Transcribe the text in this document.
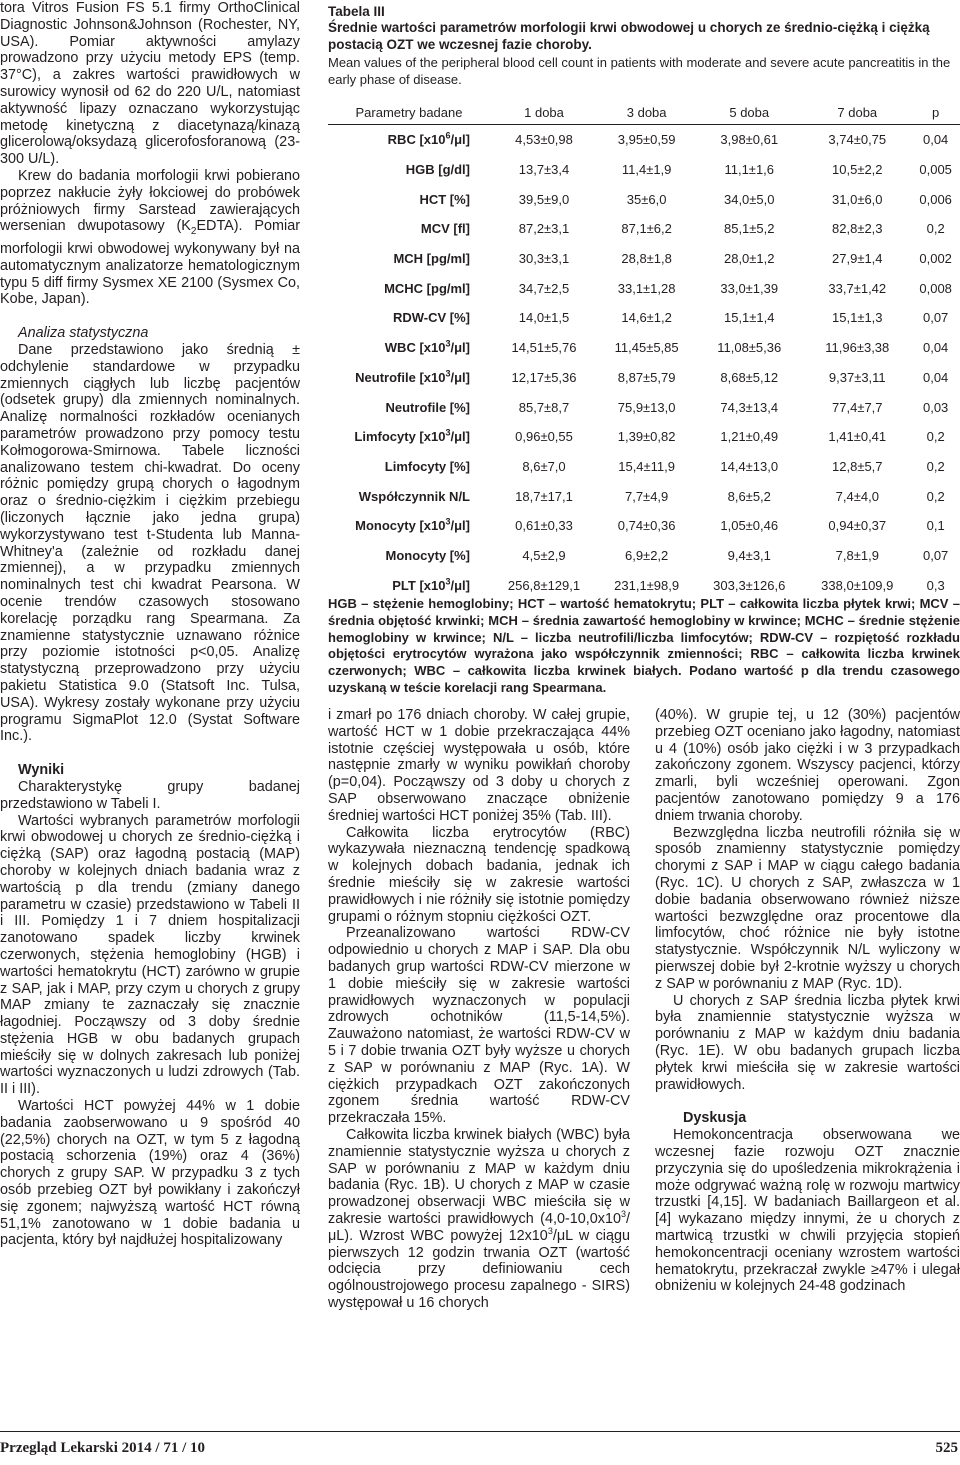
tora Vitros Fusion FS 5.1 firmy OrthoClinical Diagnostic Johnson&Johnson (Rochester, NY, USA). Pomiar aktywności amylazy prowadzono przy użyciu metody EPS (temp. 37°C), a zakres wartości prawidłowych w surowicy wynosił od 62 do 220 U/L, natomiast aktywność lipazy oznaczano wykorzystując metodę kinetyczną z diacetynazą/kinazą glicerolową/oksydazą glicerofosforanową (23-300 U/L).

Krew do badania morfologii krwi pobierano poprzez nakłucie żyły łokciowej do probówek próżniowych firmy Sarstead zawierających wersenian dwupotasowy $(K_2EDTA)$. Pomiar morfologii krwi obwodowej wykonywany był na automatycznym analizatorze hematologicznym typu 5 diff firmy Sysmex XE 2100 (Sysmex Co, Kobe, Japan).

Analiza statystyczna

Dane przedstawiono jako średnią ± odchylenie standardowe w przypadku zmiennych ciągłych lub liczbę pacjentów (odsetek grupy) dla zmiennych nominalnych. Analizę normalności rozkładów ocenianych parametrów prowadzono przy pomocy testu Kołmogorowa-Smirnowa. Tabele liczności analizowano testem chi-kwadrat. Do oceny różnic pomiędzy grupą chorych o łagodnym oraz o średnio-ciężkim i ciężkim przebiegu (liczonych łącznie jako jedna grupa) wykorzystywano test t-Studenta lub Manna-Whitney'a (zależnie od rozkładu danej zmiennej), a w przypadku zmiennych nominalnych test chi kwadrat Pearsona. W ocenie trendów czasowych stosowano korelację porządku rang Spearmana. Za znamienne statystycznie uznawano różnice przy poziomie istotności p<0,05. Analizę statystyczną przeprowadzono przy użyciu pakietu Statistica 9.0 (Statsoft Inc. Tulsa, USA). Wykresy zostały wykonane przy użyciu programu SigmaPlot 12.0 (Systat Software Inc.).

Wyniki

Charakterystykę grupy badanej przedstawiono w Tabeli I.

Wartości wybranych parametrów morfologii krwi obwodowej u chorych ze średnio-ciężką i ciężką (SAP) oraz łagodną postacią (MAP) choroby w kolejnych dniach badania wraz z wartością p dla trendu (zmiany danego parametru w czasie) przedstawiono w Tabeli II i III. Pomiędzy 1 i 7 dniem hospitalizacji zanotowano spadek liczby krwinek czerwonych, stężenia hemoglobiny (HGB) i wartości hematokrytu (HCT) zarówno w grupie z SAP, jak i MAP, przy czym u chorych z grupy MAP zmiany te zaznaczały się znacznie łagodniej. Począwszy od 3 doby średnie stężenia HGB w obu badanych grupach mieściły się w dolnych zakresach lub poniżej wartości wyznaczonych u ludzi zdrowych (Tab. II i III).

Wartości HCT powyżej 44% w 1 dobie badania zaobserwowano u 9 spośród 40 (22,5%) chorych na OZT, w tym 5 z łagodną postacią schorzenia (19%) oraz 4 (36%) chorych z grupy SAP. W przypadku 3 z tych osób przebieg OZT był powikłany i zakończył się zgonem; najwyższą wartość HCT równą 51,1% zanotowano w 1 dobie badania u pacjenta, który był najdłużej hospitalizowany

Tabela III
Średnie wartości parametrów morfologii krwi obwodowej u chorych ze średnio-ciężką i ciężką postacią OZT we wczesnej fazie choroby.
Mean values of the peripheral blood cell count in patients with moderate and severe acute pancreatitis in the early phase of disease.
Parametry badane	1 doba	3 doba	5 doba	7 doba	p
RBC $[x10^6/\mu l]$	4,53±0,98	3,95±0,59	3,98±0,61	3,74±0,75	0,04
HGB [g/dl]	13,7±3,4	11,4±1,9	11,1±1,6	10,5±2,2	0,005
HCT [%]	39,5±9,0	35±6,0	34,0±5,0	31,0±6,0	0,006
MCV [fl]	87,2±3,1	87,1±6,2	85,1±5,2	82,8±2,3	0,2
MCH [pg/ml]	30,3±3,1	28,8±1,8	28,0±1,2	27,9±1,4	0,002
MCHC [pg/ml]	34,7±2,5	33,1±1,28	33,0±1,39	33,7±1,42	0,008
RDW-CV [%]	14,0±1,5	14,6±1,2	15,1±1,4	15,1±1,3	0,07
WBC $[x10^3/\mu l]$	14,51±5,76	11,45±5,85	11,08±5,36	11,96±3,38	0,04
Neutrofile $[x10^3/\mu l]$	12,17±5,36	8,87±5,79	8,68±5,12	9,37±3,11	0,04
Neutrofile [%]	85,7±8,7	75,9±13,0	74,3±13,4	77,4±7,7	0,03
Limfocyty $[x10^3/\mu l]$	0,96±0,55	1,39±0,82	1,21±0,49	1,41±0,41	0,2
Limfocyty [%]	8,6±7,0	15,4±11,9	14,4±13,0	12,8±5,7	0,2
Współczynnik N/L	18,7±17,1	7,7±4,9	8,6±5,2	7,4±4,0	0,2
Monocyty $[x10^3/\mu l]$	0,61±0,33	0,74±0,36	1,05±0,46	0,94±0,37	0,1
Monocyty [%]	4,5±2,9	6,9±2,2	9,4±3,1	7,8±1,9	0,07
PLT $[x10^3/\mu l]$	256,8±129,1	231,1±98,9	303,3±126,6	338,0±109,9	0,3
HGB – stężenie hemoglobiny; HCT – wartość hematokrytu; PLT – całkowita liczba płytek krwi; MCV – średnia objętość krwinki; MCH – średnia zawartość hemoglobiny w krwince; MCHC – średnie stężenie hemoglobiny w krwince; N/L – liczba neutrofili/liczba limfocytów; RDW-CV – rozpiętość rozkładu objętości erytrocytów wyrażona jako współczynnik zmienności; RBC – całkowita liczba krwinek czerwonych; WBC – całkowita liczba krwinek białych. Podano wartość p dla trendu czasowego uzyskaną w teście korelacji rang Spearmana.

i zmarł po 176 dniach choroby. W całej grupie, wartość HCT w 1 dobie przekraczająca 44% istotnie częściej występowała u osób, które następnie zmarły w wyniku powikłań choroby (p=0,04). Począwszy od 3 doby u chorych z SAP obserwowano znaczące obniżenie średniej wartości HCT poniżej 35% (Tab. III).

Całkowita liczba erytrocytów (RBC) wykazywała nieznaczną tendencję spadkową w kolejnych dobach badania, jednak ich średnie mieściły się w zakresie wartości prawidłowych i nie różniły się istotnie pomiędzy grupami o różnym stopniu ciężkości OZT.

Przeanalizowano wartości RDW-CV odpowiednio u chorych z MAP i SAP. Dla obu badanych grup wartości RDW-CV mierzone w 1 dobie mieściły się w zakresie wartości prawidłowych wyznaczonych w populacji zdrowych ochotników (11,5-14,5%). Zauważono natomiast, że wartości RDW-CV w 5 i 7 dobie trwania OZT były wyższe u chorych z SAP w porównaniu z MAP (Ryc. 1A). W ciężkich przypadkach OZT zakończonych zgonem średnia wartość RDW-CV przekraczała 15%.

Całkowita liczba krwinek białych (WBC) była znamiennie statystycznie wyższa u chorych z SAP w porównaniu z MAP w każdym dniu badania (Ryc. 1B). U chorych z MAP w czasie prowadzonej obserwacji WBC mieściła się w zakresie wartości prawidłowych $(4,0-10,0x10^3/\mu L)$. Wzrost WBC powyżej $12x10^3/\mu L$ w ciągu pierwszych 12 godzin trwania OZT (wartość odcięcia przy definiowaniu cech ogólnoustrojowego procesu zapalnego - SIRS) występował u 16 chorych

(40%). W grupie tej, u 12 (30%) pacjentów przebieg OZT oceniano jako łagodny, natomiast u 4 (10%) osób jako ciężki i w 3 przypadkach zakończony zgonem. Wszyscy pacjenci, którzy zmarli, byli wcześniej operowani. Zgon pacjentów zanotowano pomiędzy 9 a 176 dniem trwania choroby.

Bezwzględna liczba neutrofili różniła się w sposób znamienny statystycznie pomiędzy chorymi z SAP i MAP w ciągu całego badania (Ryc. 1C). U chorych z SAP, zwłaszcza w 1 dobie badania obserwowano również niższe wartości bezwzględne oraz procentowe dla limfocytów, choć różnice nie były istotne statystycznie. Współczynnik N/L wyliczony w pierwszej dobie był 2-krotnie wyższy u chorych z SAP w porównaniu z MAP (Ryc. 1D).

U chorych z SAP średnia liczba płytek krwi była znamiennie statystycznie wyższa w porównaniu z MAP w każdym dniu badania (Ryc. 1E). W obu badanych grupach liczba płytek krwi mieściła się w zakresie wartości prawidłowych.

Dyskusja

Hemokoncentracja obserwowana we wczesnej fazie rozwoju OZT znacznie przyczynia się do upośledzenia mikrokrążenia i może odgrywać ważną rolę w rozwoju martwicy trzustki [4,15]. W badaniach Baillargeon et al. [4] wykazano między innymi, że u chorych z martwicą trzustki w chwili przyjęcia stopień hemokoncentracji oceniany wzrostem wartości hematokrytu, przekraczał zwykle ≥47% i ulegał obniżeniu w kolejnych 24-48 godzinach

Przegląd Lekarski 2014 / 71 / 10	525
